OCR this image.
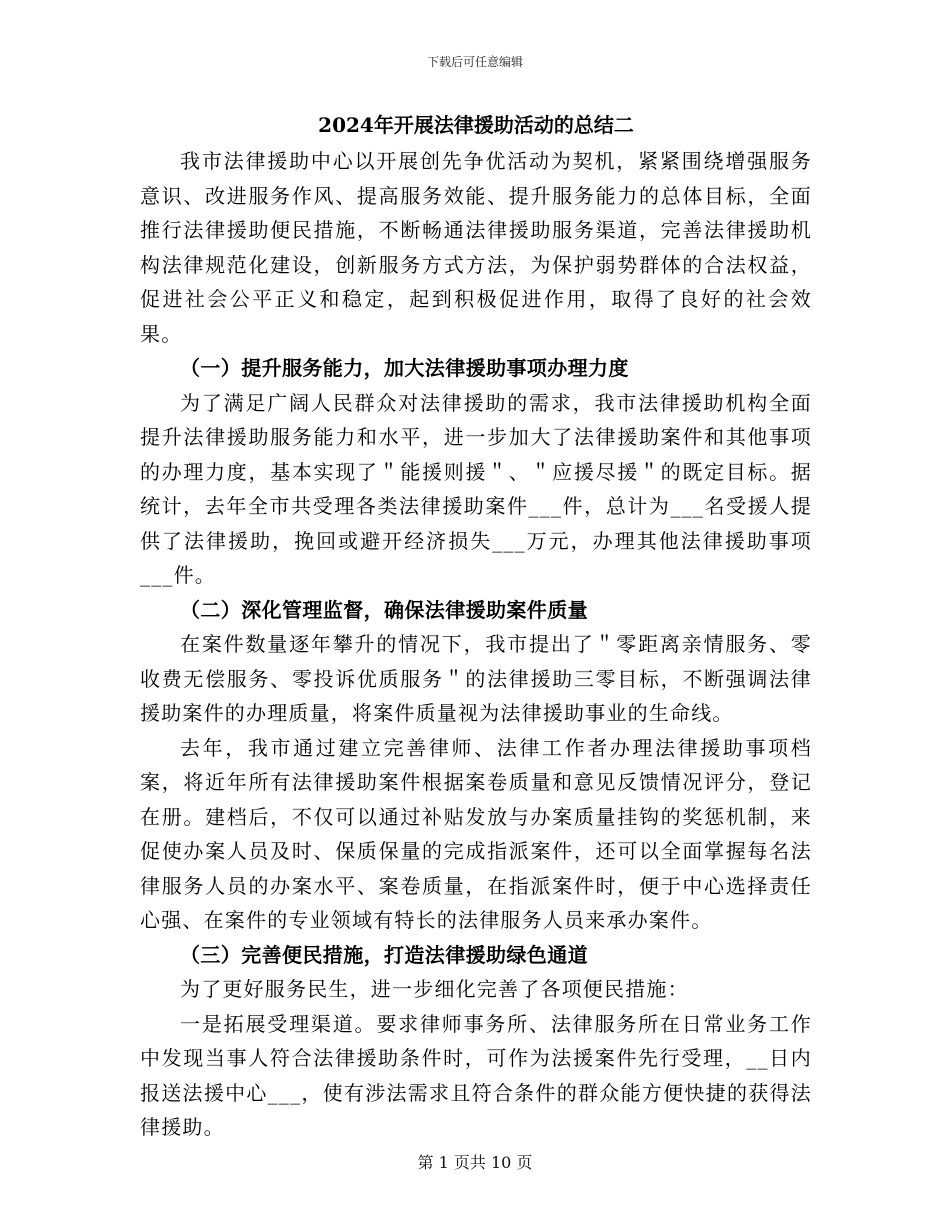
下载后可任意编辑
2024年开展法律援助活动的总结二

我市法律援助中心以开展创先争优活动为契机，紧紧围绕增强服务意识、改进服务作风、提高服务效能、提升服务能力的总体目标，全面推行法律援助便民措施，不断畅通法律援助服务渠道，完善法律援助机构法律规范化建设，创新服务方式方法，为保护弱势群体的合法权益，促进社会公平正义和稳定，起到积极促进作用，取得了良好的社会效果。

（一）提升服务能力，加大法律援助事项办理力度

为了满足广阔人民群众对法律援助的需求，我市法律援助机构全面提升法律援助服务能力和水平，进一步加大了法律援助案件和其他事项的办理力度，基本实现了＂能援则援＂、＂应援尽援＂的既定目标。据统计，去年全市共受理各类法律援助案件___件，总计为___名受援人提供了法律援助，挽回或避开经济损失___万元，办理其他法律援助事项___件。

（二）深化管理监督，确保法律援助案件质量

在案件数量逐年攀升的情况下，我市提出了＂零距离亲情服务、零收费无偿服务、零投诉优质服务＂的法律援助三零目标，不断强调法律援助案件的办理质量，将案件质量视为法律援助事业的生命线。

去年，我市通过建立完善律师、法律工作者办理法律援助事项档案，将近年所有法律援助案件根据案卷质量和意见反馈情况评分，登记在册。建档后，不仅可以通过补贴发放与办案质量挂钩的奖惩机制，来促使办案人员及时、保质保量的完成指派案件，还可以全面掌握每名法律服务人员的办案水平、案卷质量，在指派案件时，便于中心选择责任心强、在案件的专业领域有特长的法律服务人员来承办案件。

（三）完善便民措施，打造法律援助绿色通道

为了更好服务民生，进一步细化完善了各项便民措施：

一是拓展受理渠道。要求律师事务所、法律服务所在日常业务工作中发现当事人符合法律援助条件时，可作为法援案件先行受理，__日内报送法援中心___，使有涉法需求且符合条件的群众能方便快捷的获得法律援助。

第 1 页共 10 页
